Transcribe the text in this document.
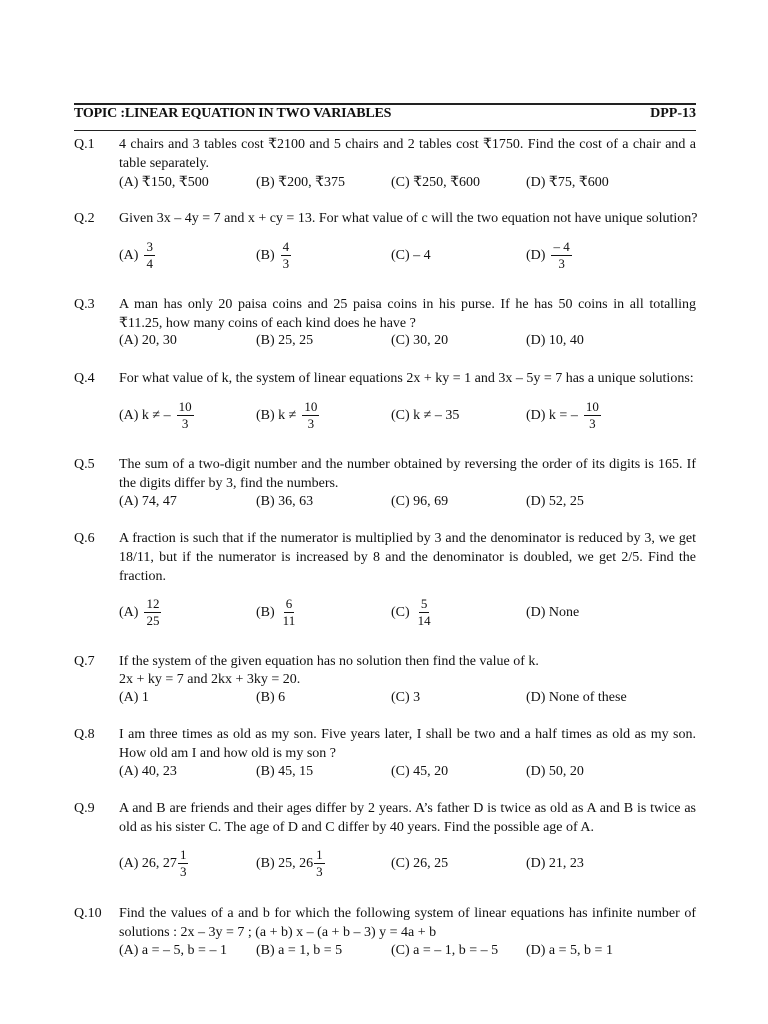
TOPIC :LINEAR EQUATION IN TWO VARIABLES	DPP-13
Q.1 4 chairs and 3 tables cost ₹2100 and 5 chairs and 2 tables cost ₹1750. Find the cost of a chair and a table separately.
(A) ₹150, ₹500	(B) ₹200, ₹375	(C) ₹250, ₹600	(D) ₹75, ₹600
Q.2 Given 3x – 4y = 7 and x + cy = 13. For what value of c will the two equation not have unique solution?
$(A) \frac{3}{4}$	$(B) \frac{4}{3}$	(C) – 4	$(D) \frac{- 4}{3}$
Q.3 A man has only 20 paisa coins and 25 paisa coins in his purse. If he has 50 coins in all totalling ₹11.25, how many coins of each kind does he have ?
(A) 20, 30	(B) 25, 25	(C) 30, 20	(D) 10, 40
Q.4 For what value of k, the system of linear equations 2x + ky = 1 and 3x – 5y = 7 has a unique solutions:
(A) k ≠ – $\frac{10}{3}$	(B) $k \ne \frac{10}{3}$	(C) k ≠ – 35	(D) k = – $\frac{10}{3}$
Q.5 The sum of a two-digit number and the number obtained by reversing the order of its digits is 165. If the digits differ by 3, find the numbers.
(A) 74, 47	(B) 36, 63	(C) 96, 69	(D) 52, 25
Q.6 A fraction is such that if the numerator is multiplied by 3 and the denominator is reduced by 3, we get 18/11, but if the numerator is increased by 8 and the denominator is doubled, we get 2/5. Find the fraction.
$(A) \frac{12}{25}$	$(B) \frac{6}{11}$	$(C) \frac{5}{14}$	(D) None
Q.7 If the system of the given equation has no solution then find the value of k.
2x + ky = 7 and 2kx + 3ky = 20.
(A) 1	(B) 6	(C) 3	(D) None of these
Q.8 I am three times as old as my son. Five years later, I shall be two and a half times as old as my son. How old am I and how old is my son ?
(A) 40, 23	(B) 45, 15	(C) 45, 20	(D) 50, 20
Q.9 A and B are friends and their ages differ by 2 years. A’s father D is twice as old as A and B is twice as old as his sister C. The age of D and C differ by 40 years. Find the possible age of A.
(A) 26, $27 \frac{1}{3}$	(B) 25, $26 \frac{1}{3}$	(C) 26, 25	(D) 21, 23
Q.10 Find the values of a and b for which the following system of linear equations has infinite number of solutions : 2x – 3y = 7 ; (a + b) x – (a + b – 3) y = 4a + b
(A) a = – 5, b = – 1 (B) a = 1, b = 5	(C) a = – 1, b = – 5 (D) a = 5, b = 1
